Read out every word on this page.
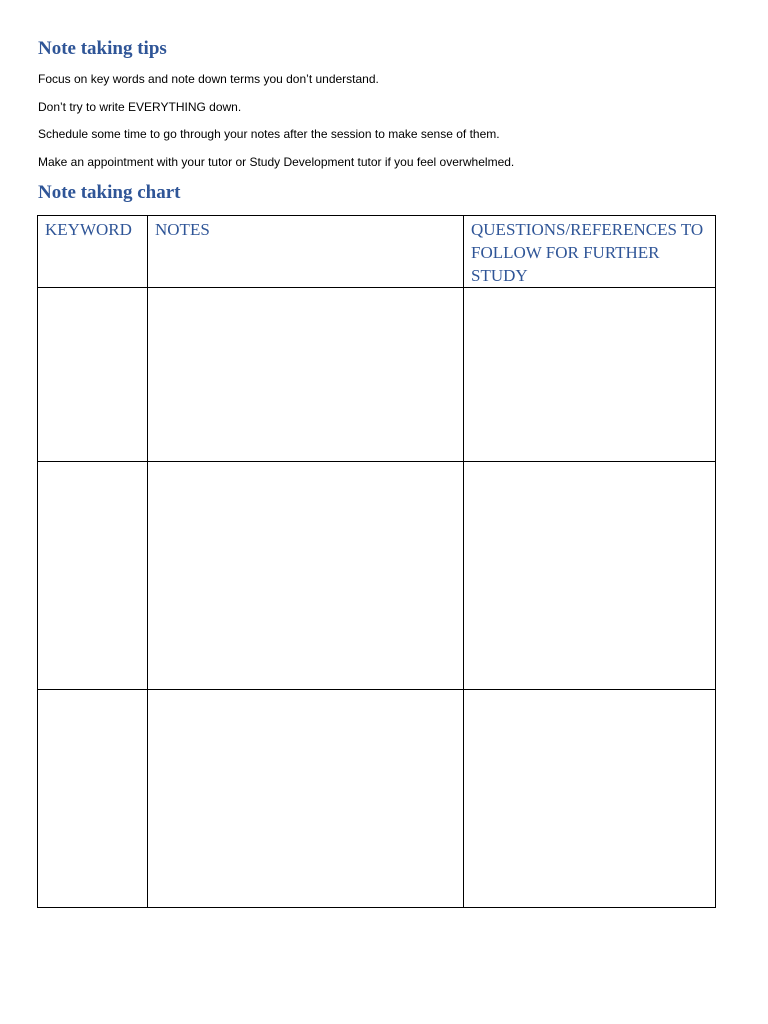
Note taking tips
Focus on key words and note down terms you don’t understand.
Don’t try to write EVERYTHING down.
Schedule some time to go through your notes after the session to make sense of them.
Make an appointment with your tutor or Study Development tutor if you feel overwhelmed.
Note taking chart
KEYWORD	NOTES	QUESTIONS/REFERENCES TO FOLLOW FOR FURTHER STUDY
